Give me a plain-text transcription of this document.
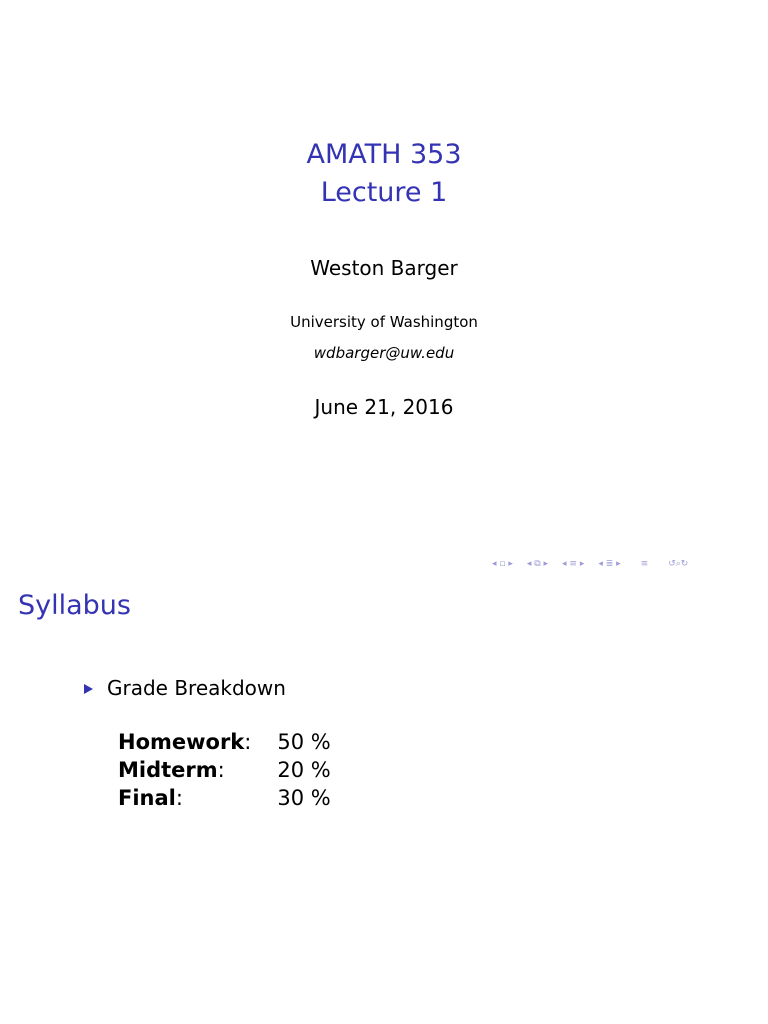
AMATH 353
Lecture 1
Weston Barger
University of Washington
wdbarger@uw.edu
June 21, 2016
◂ ▫ ▸ ◂ ⧉ ▸ ◂ ≡ ▸ ◂ ≣ ▸ ≡ ↺⌕↻
Syllabus
Grade Breakdown
Homework:	50 %
Midterm:	20 %
Final:	30 %
